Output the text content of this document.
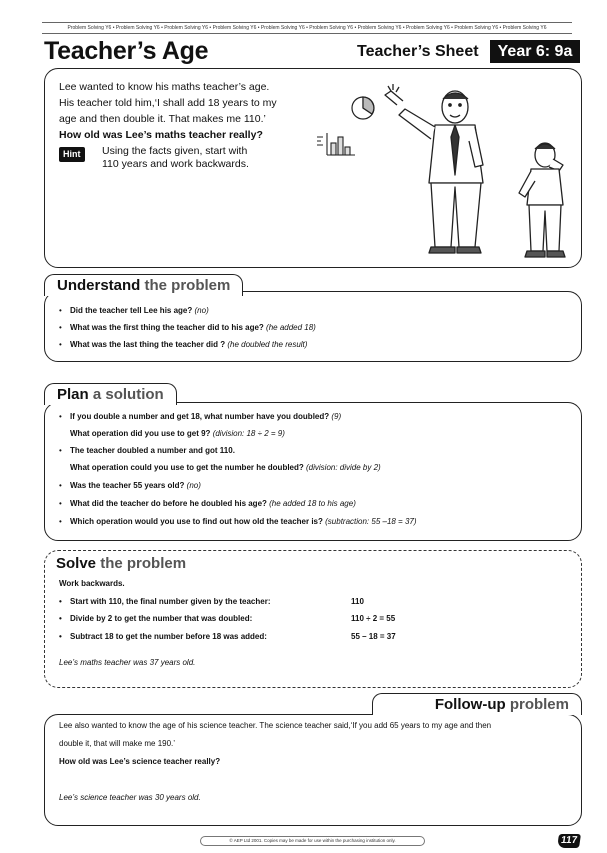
Problem Solving Y6 • Problem Solving Y6 • Problem Solving Y6 • Problem Solving Y6 • Problem Solving Y6 • Problem Solving Y6 • Problem Solving Y6 • Problem Solving Y6 • Problem Solving Y6 • Problem Solving Y6
Teacher’s Age	Teacher’s Sheet	Year 6: 9a
Lee wanted to know his maths teacher’s age.
His teacher told him,‘I shall add 18 years to my
age and then double it. That makes me 110.’
How old was Lee’s maths teacher really?
Hint	Using the facts given, start with
110 years and work backwards.
• Did the teacher tell Lee his age? (no)
• What was the first thing the teacher did to his age? (he added 18)
• What was the last thing the teacher did ? (he doubled the result)
Understand the problem
• If you double a number and get 18, what number have you doubled? (9)
What operation did you use to get 9? (division: 18 ÷ 2 = 9)
• The teacher doubled a number and got 110.
What operation could you use to get the number he doubled? (division: divide by 2)
• Was the teacher 55 years old? (no)
• What did the teacher do before he doubled his age? (he added 18 to his age)
• Which operation would you use to find out how old the teacher is? (subtraction: 55 –18 = 37)
Plan a solution
Work backwards.
• Start with 110, the final number given by the teacher:	110
• Divide by 2 to get the number that was doubled:	110 ÷ 2 = 55
• Subtract 18 to get the number before 18 was added:	55 – 18 = 37
Lee’s maths teacher was 37 years old.
Solve the problem
Lee also wanted to know the age of his science teacher. The science teacher said,‘If you add 65 years to my age and then
double it, that will make me 190.’
How old was Lee’s science teacher really?
Lee’s science teacher was 30 years old.
Follow-up problem
© AEP Ltd 2001. Copies may be made for use within the purchasing institution only.	117
